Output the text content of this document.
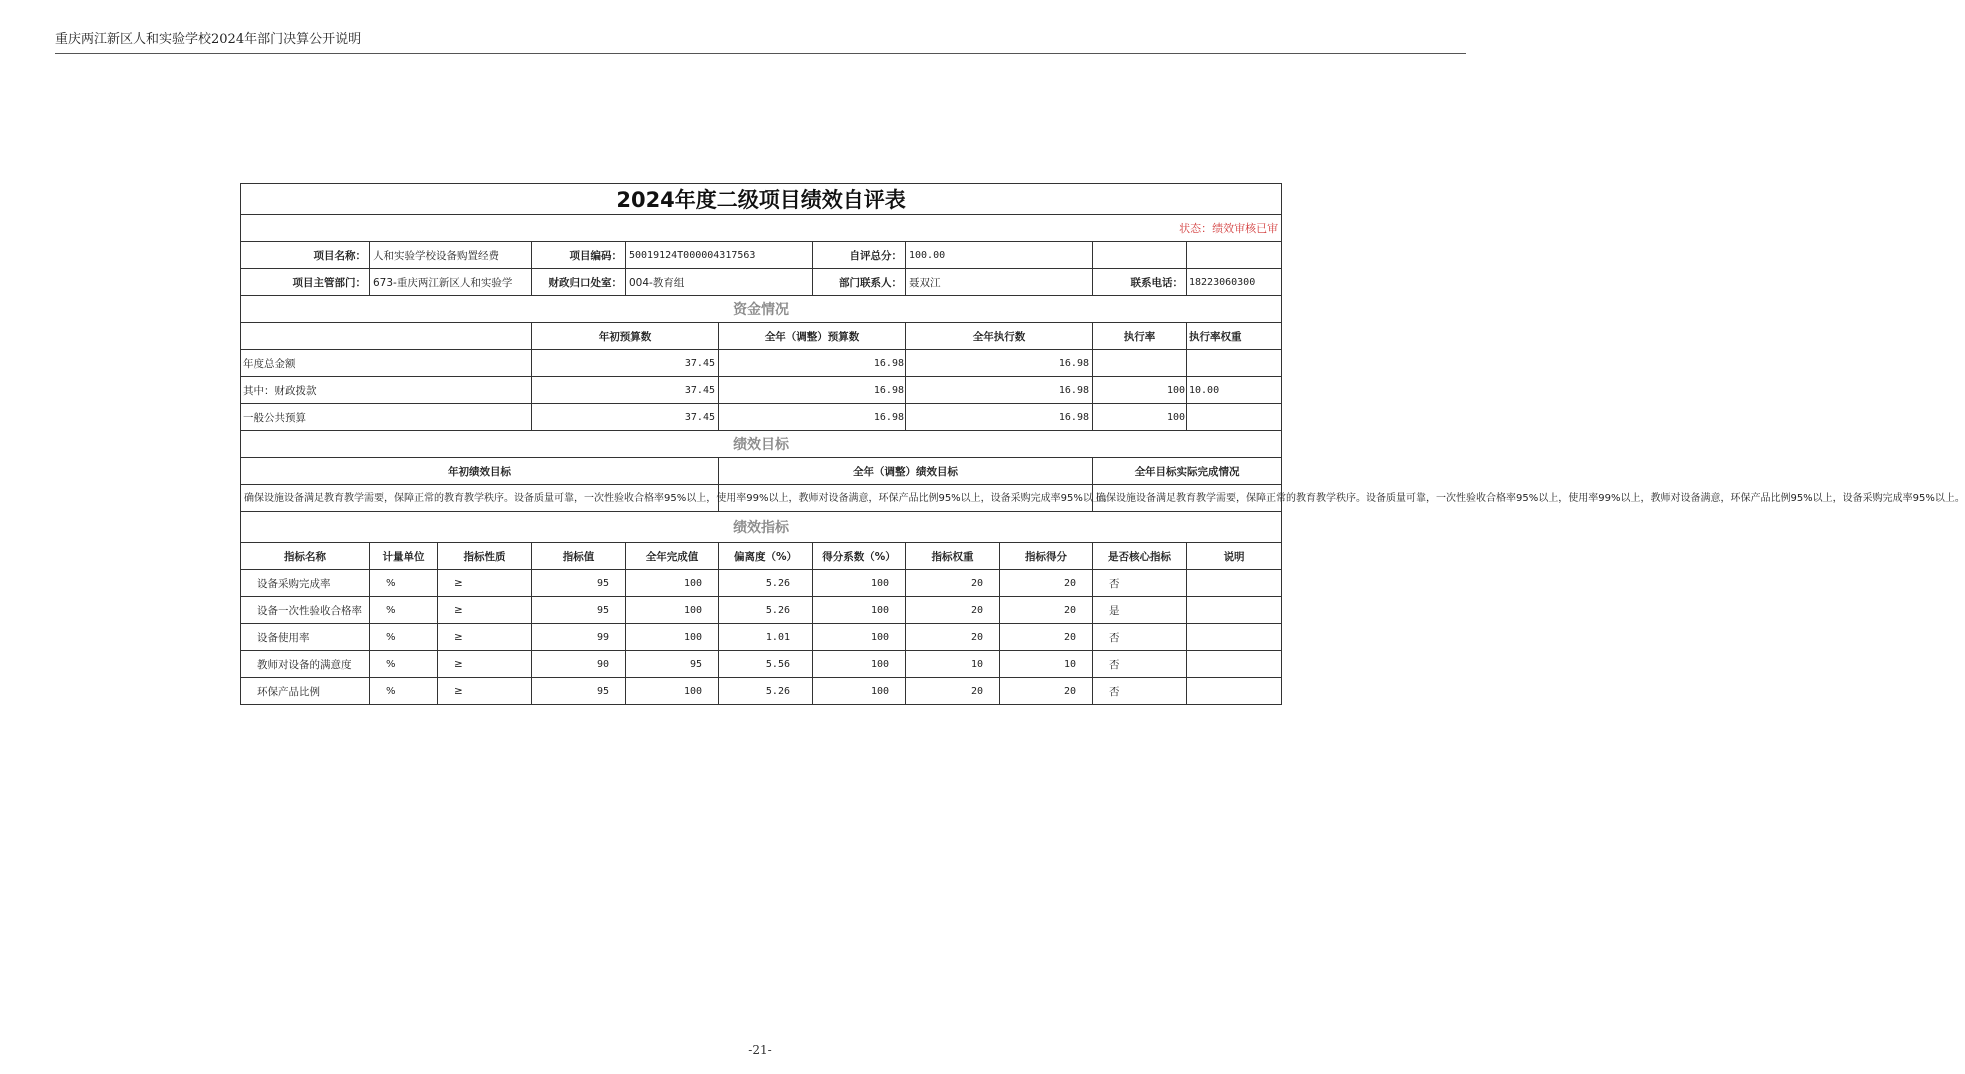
重庆两江新区人和实验学校2024年部门决算公开说明
2024年度二级项目绩效自评表											
状态：绩效审核已审											
项目名称：	人和实验学校设备购置经费		项目编码：	50019124T000004317563		自评总分：	100.00				
项目主管部门：	673-重庆两江新区人和实验学		财政归口处室：	004-教育组		部门联系人：	聂双江		联系电话：	18223060300	
资金情况											
			年初预算数		全年（调整）预算数		全年执行数		执行率	执行率权重	
年度总金额			37.45		16.98		16.98				
其中：财政拨款			37.45		16.98		16.98		100	10.00	
一般公共预算			37.45		16.98		16.98		100		
绩效目标											
年初绩效目标					全年（调整）绩效目标				全年目标实际完成情况		
确保设施设备满足教育教学需要，保障正常的教育教学秩序。设备质量可靠，一次性验收合格率95%以上，使用率99%以上，教师对设备满意，环保产品比例95%以上，设备采购完成率95%以上。									确保设施设备满足教育教学需要，保障正常的教育教学秩序。设备质量可靠，一次性验收合格率95%以上，使用率99%以上，教师对设备满意，环保产品比例95%以上，设备采购完成率95%以上。		
绩效指标											
指标名称	计量单位	指标性质	指标值	全年完成值	偏离度（%）	得分系数（%）	指标权重	指标得分	是否核心指标	说明	
设备采购完成率	%	≥	95	100	5.26	100	20	20	否		
设备一次性验收合格率	%	≥	95	100	5.26	100	20	20	是		
设备使用率	%	≥	99	100	1.01	100	20	20	否		
教师对设备的满意度	%	≥	90	95	5.56	100	10	10	否		
环保产品比例	%	≥	95	100	5.26	100	20	20	否		
-21-
